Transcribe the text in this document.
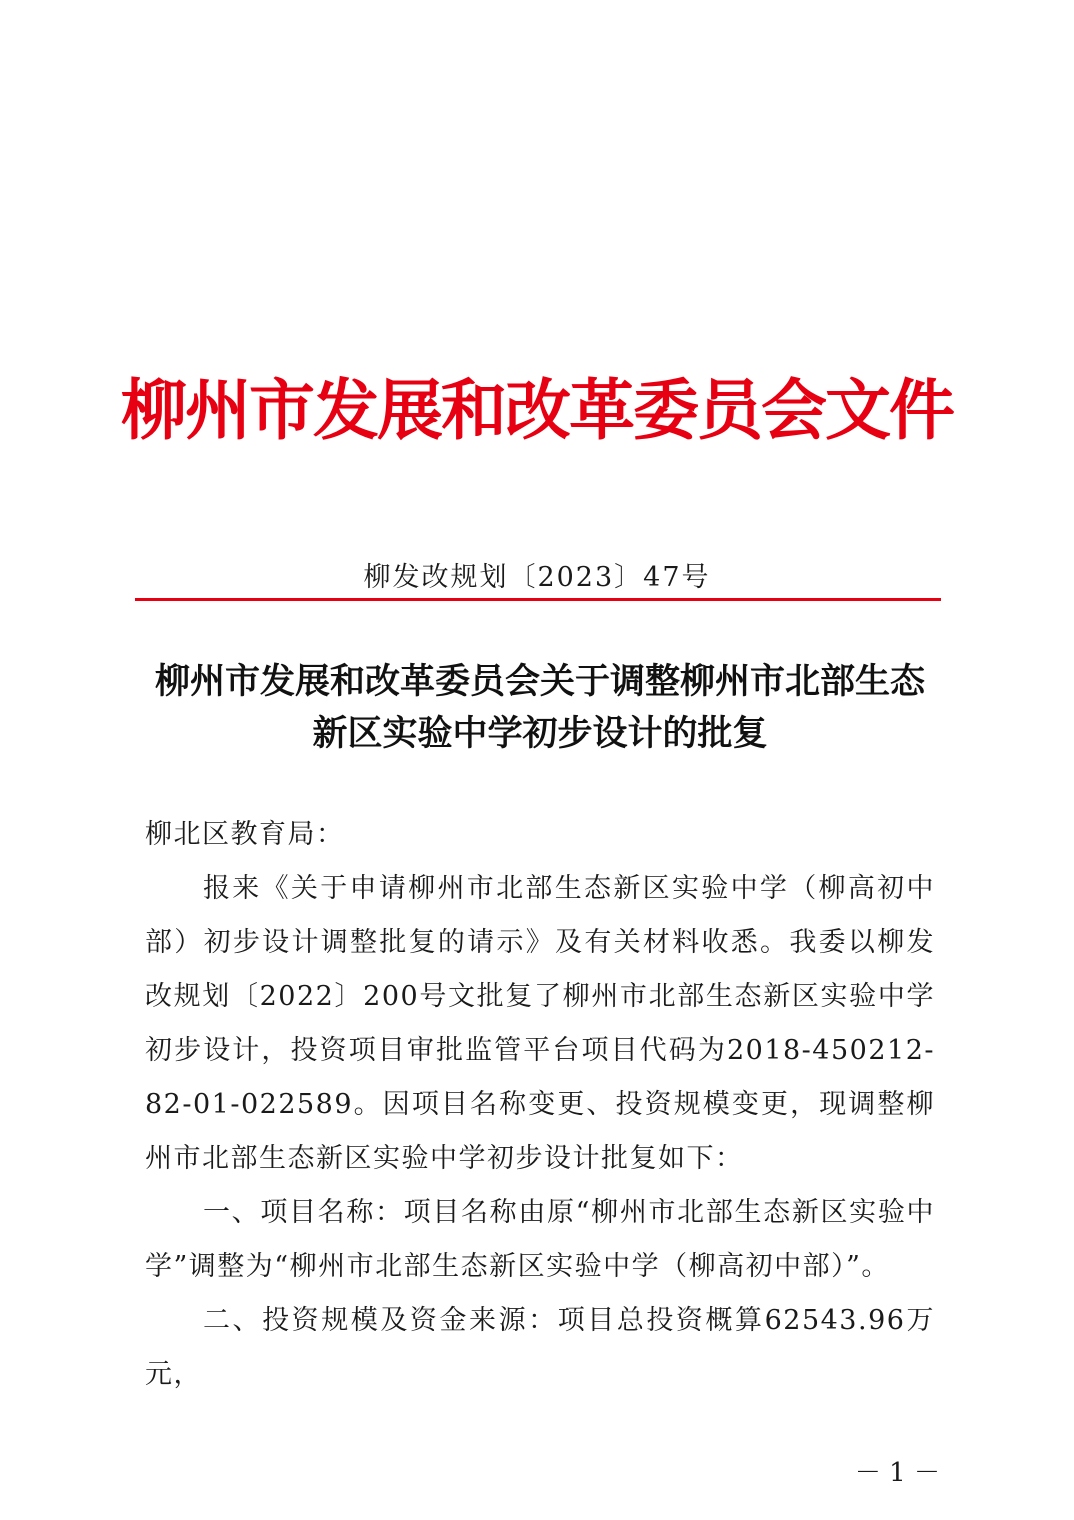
柳州市发展和改革委员会文件
柳发改规划〔2023〕47号
柳州市发展和改革委员会关于调整柳州市北部生态新区实验中学初步设计的批复

柳北区教育局：

报来《关于申请柳州市北部生态新区实验中学（柳高初中部）初步设计调整批复的请示》及有关材料收悉。我委以柳发改规划〔2022〕200号文批复了柳州市北部生态新区实验中学初步设计，投资项目审批监管平台项目代码为2018-450212-82-01-022589。因项目名称变更、投资规模变更，现调整柳州市北部生态新区实验中学初步设计批复如下：

一、项目名称：项目名称由原“柳州市北部生态新区实验中学”调整为“柳州市北部生态新区实验中学（柳高初中部）”。

二、投资规模及资金来源：项目总投资概算62543.96万元，

－ 1 －
